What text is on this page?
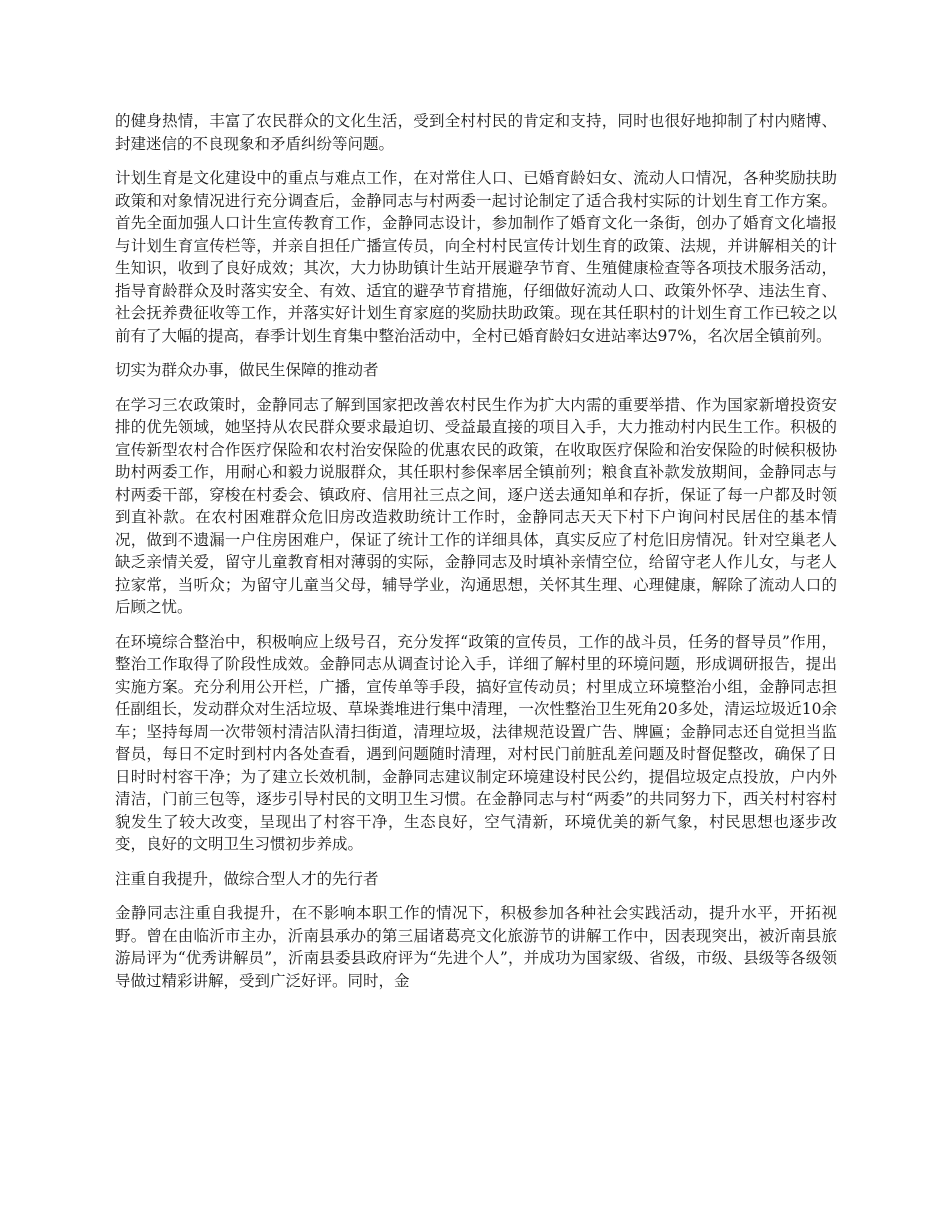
的健身热情，丰富了农民群众的文化生活，受到全村村民的肯定和支持，同时也很好地抑制了村内赌博、封建迷信的不良现象和矛盾纠纷等问题。

计划生育是文化建设中的重点与难点工作，在对常住人口、已婚育龄妇女、流动人口情况，各种奖励扶助政策和对象情况进行充分调查后，金静同志与村两委一起讨论制定了适合我村实际的计划生育工作方案。首先全面加强人口计生宣传教育工作，金静同志设计，参加制作了婚育文化一条街，创办了婚育文化墙报与计划生育宣传栏等，并亲自担任广播宣传员，向全村村民宣传计划生育的政策、法规，并讲解相关的计生知识，收到了良好成效；其次，大力协助镇计生站开展避孕节育、生殖健康检查等各项技术服务活动，指导育龄群众及时落实安全、有效、适宜的避孕节育措施，仔细做好流动人口、政策外怀孕、违法生育、社会抚养费征收等工作，并落实好计划生育家庭的奖励扶助政策。现在其任职村的计划生育工作已较之以前有了大幅的提高，春季计划生育集中整治活动中，全村已婚育龄妇女进站率达97%，名次居全镇前列。

切实为群众办事，做民生保障的推动者

在学习三农政策时，金静同志了解到国家把改善农村民生作为扩大内需的重要举措、作为国家新增投资安排的优先领域，她坚持从农民群众要求最迫切、受益最直接的项目入手，大力推动村内民生工作。积极的宣传新型农村合作医疗保险和农村治安保险的优惠农民的政策，在收取医疗保险和治安保险的时候积极协助村两委工作，用耐心和毅力说服群众，其任职村参保率居全镇前列；粮食直补款发放期间，金静同志与村两委干部，穿梭在村委会、镇政府、信用社三点之间，逐户送去通知单和存折，保证了每一户都及时领到直补款。在农村困难群众危旧房改造救助统计工作时，金静同志天天下村下户询问村民居住的基本情况，做到不遗漏一户住房困难户，保证了统计工作的详细具体，真实反应了村危旧房情况。针对空巢老人缺乏亲情关爱，留守儿童教育相对薄弱的实际，金静同志及时填补亲情空位，给留守老人作儿女，与老人拉家常，当听众；为留守儿童当父母，辅导学业，沟通思想，关怀其生理、心理健康，解除了流动人口的后顾之忧。

在环境综合整治中，积极响应上级号召，充分发挥“政策的宣传员，工作的战斗员，任务的督导员”作用，整治工作取得了阶段性成效。金静同志从调查讨论入手，详细了解村里的环境问题，形成调研报告，提出实施方案。充分利用公开栏，广播，宣传单等手段，搞好宣传动员；村里成立环境整治小组，金静同志担任副组长，发动群众对生活垃圾、草垛粪堆进行集中清理，一次性整治卫生死角20多处，清运垃圾近10余车；坚持每周一次带领村清洁队清扫街道，清理垃圾，法律规范设置广告、牌匾；金静同志还自觉担当监督员，每日不定时到村内各处查看，遇到问题随时清理，对村民门前脏乱差问题及时督促整改，确保了日日时时村容干净；为了建立长效机制，金静同志建议制定环境建设村民公约，提倡垃圾定点投放，户内外清洁，门前三包等，逐步引导村民的文明卫生习惯。在金静同志与村“两委”的共同努力下，西关村村容村貌发生了较大改变，呈现出了村容干净，生态良好，空气清新，环境优美的新气象，村民思想也逐步改变，良好的文明卫生习惯初步养成。

注重自我提升，做综合型人才的先行者

金静同志注重自我提升，在不影响本职工作的情况下，积极参加各种社会实践活动，提升水平，开拓视野。曾在由临沂市主办，沂南县承办的第三届诸葛亮文化旅游节的讲解工作中，因表现突出，被沂南县旅游局评为“优秀讲解员”，沂南县委县政府评为“先进个人”，并成功为国家级、省级，市级、县级等各级领导做过精彩讲解，受到广泛好评。同时，金
